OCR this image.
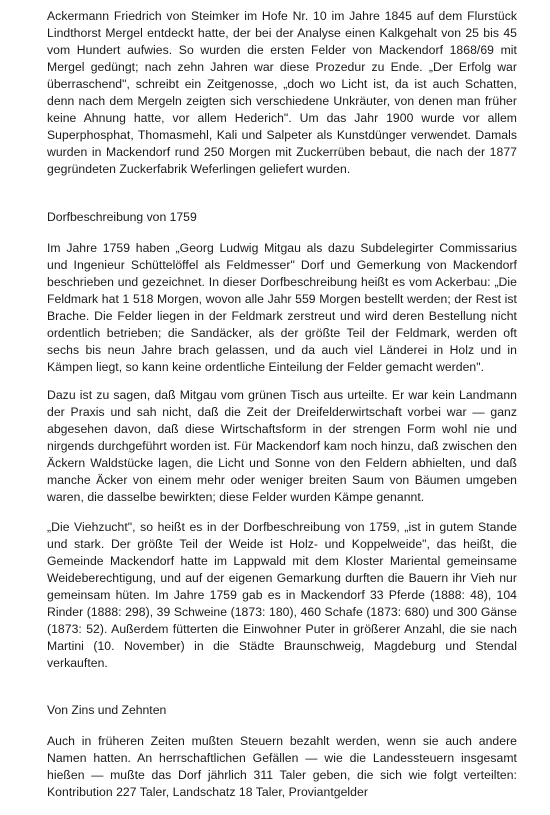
Ackermann Friedrich von Steimker im Hofe Nr. 10 im Jahre 1845 auf dem Flurstück Lindthorst Mergel entdeckt hatte, der bei der Analyse einen Kalkgehalt von 25 bis 45 vom Hundert aufwies. So wurden die ersten Felder von Mackendorf 1868/69 mit Mergel gedüngt; nach zehn Jahren war diese Prozedur zu Ende. „Der Erfolg war überraschend", schreibt ein Zeitgenosse, „doch wo Licht ist, da ist auch Schatten, denn nach dem Mergeln zeigten sich verschiedene Unkräuter, von denen man früher keine Ahnung hatte, vor allem Hederich". Um das Jahr 1900 wurde vor allem Superphosphat, Thomasmehl, Kali und Salpeter als Kunstdünger verwendet. Damals wurden in Mackendorf rund 250 Morgen mit Zuckerrüben bebaut, die nach der 1877 gegründeten Zuckerfabrik Weferlingen geliefert wurden.

Dorfbeschreibung von 1759

Im Jahre 1759 haben „Georg Ludwig Mitgau als dazu Subdelegirter Commissarius und Ingenieur Schüttelöffel als Feldmesser" Dorf und Gemerkung von Mackendorf beschrieben und gezeichnet. In dieser Dorfbeschreibung heißt es vom Ackerbau: „Die Feldmark hat 1 518 Morgen, wovon alle Jahr 559 Morgen bestellt werden; der Rest ist Brache. Die Felder liegen in der Feldmark zerstreut und wird deren Bestellung nicht ordentlich betrieben; die Sandäcker, als der größte Teil der Feldmark, werden oft sechs bis neun Jahre brach gelassen, und da auch viel Länderei in Holz und in Kämpen liegt, so kann keine ordentliche Einteilung der Felder gemacht werden".

Dazu ist zu sagen, daß Mitgau vom grünen Tisch aus urteilte. Er war kein Landmann der Praxis und sah nicht, daß die Zeit der Dreifelderwirtschaft vorbei war — ganz abgesehen davon, daß diese Wirtschaftsform in der strengen Form wohl nie und nirgends durchgeführt worden ist. Für Mackendorf kam noch hinzu, daß zwischen den Äckern Waldstücke lagen, die Licht und Sonne von den Feldern abhielten, und daß manche Äcker von einem mehr oder weniger breiten Saum von Bäumen umgeben waren, die dasselbe bewirkten; diese Felder wurden Kämpe genannt.

„Die Viehzucht", so heißt es in der Dorfbeschreibung von 1759, „ist in gutem Stande und stark. Der größte Teil der Weide ist Holz- und Koppelweide", das heißt, die Gemeinde Mackendorf hatte im Lappwald mit dem Kloster Mariental gemeinsame Weideberechtigung, und auf der eigenen Gemarkung durften die Bauern ihr Vieh nur gemeinsam hüten. Im Jahre 1759 gab es in Mackendorf 33 Pferde (1888: 48), 104 Rinder (1888: 298), 39 Schweine (1873: 180), 460 Schafe (1873: 680) und 300 Gänse (1873: 52). Außerdem fütterten die Einwohner Puter in größerer Anzahl, die sie nach Martini (10. November) in die Städte Braunschweig, Magdeburg und Stendal verkauften.

Von Zins und Zehnten

Auch in früheren Zeiten mußten Steuern bezahlt werden, wenn sie auch andere Namen hatten. An herrschaftlichen Gefällen — wie die Landessteuern insgesamt hießen — mußte das Dorf jährlich 311 Taler geben, die sich wie folgt verteilten: Kontribution 227 Taler, Landschatz 18 Taler, Proviantgelder
